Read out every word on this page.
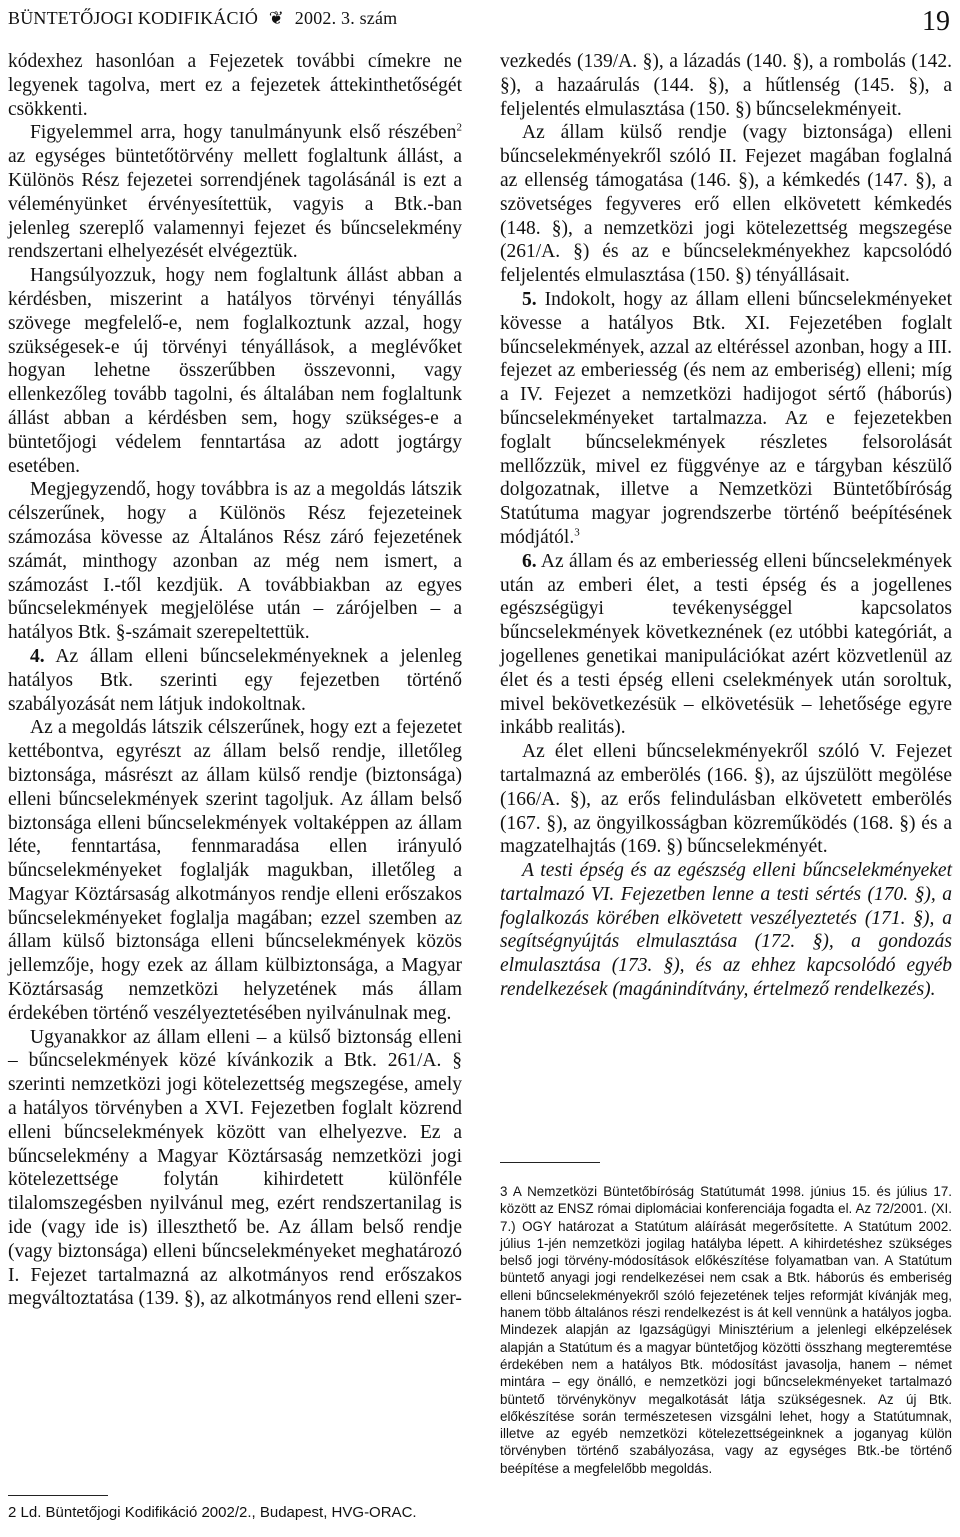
BÜNTETŐJOGI KODIFIKÁCIÓ ❦ 2002. 3. szám	19

kódexhez hasonlóan a Fejezetek további címekre ne legyenek tagolva, mert ez a fejezetek áttekinthetőségét csökkenti.

Figyelemmel arra, hogy tanulmányunk első részében$^2$ az egységes büntetőtörvény mellett foglaltunk állást, a Különös Rész fejezetei sorrendjének tagolásánál is ezt a véleményünket érvényesítettük, vagyis a Btk.-ban jelenleg szereplő valamennyi fejezet és bűncselekmény rendszertani elhelyezését elvégeztük.

Hangsúlyozzuk, hogy nem foglaltunk állást abban a kérdésben, miszerint a hatályos törvényi tényállás szövege megfelelő-e, nem foglalkoztunk azzal, hogy szükségesek-e új törvényi tényállások, a meglévőket hogyan lehetne összerűbben összevonni, vagy ellenkezőleg tovább tagolni, és általában nem foglaltunk állást abban a kérdésben sem, hogy szükséges-e a büntetőjogi védelem fenntartása az adott jogtárgy esetében.

Megjegyzendő, hogy továbbra is az a megoldás látszik célszerűnek, hogy a Különös Rész fejezeteinek számozása kövesse az Általános Rész záró fejezetének számát, minthogy azonban az még nem ismert, a számozást I.-től kezdjük. A továbbiakban az egyes bűncselekmények megjelölése után – zárójelben – a hatályos Btk. §-számait szerepeltettük.

4. Az állam elleni bűncselekményeknek a jelenleg hatályos Btk. szerinti egy fejezetben történő szabályozását nem látjuk indokoltnak.

Az a megoldás látszik célszerűnek, hogy ezt a fejezetet kettébontva, egyrészt az állam belső rendje, illetőleg biztonsága, másrészt az állam külső rendje (biztonsága) elleni bűncselekmények szerint tagoljuk. Az állam belső biztonsága elleni bűncselekmények voltaképpen az állam léte, fenntartása, fennmaradása ellen irányuló bűncselekményeket foglalják magukban, illetőleg a Magyar Köztársaság alkotmányos rendje elleni erőszakos bűncselekményeket foglalja magában; ezzel szemben az állam külső biztonsága elleni bűncselekmények közös jellemzője, hogy ezek az állam külbiztonsága, a Magyar Köztársaság nemzetközi helyzetének más állam érdekében történő veszélyeztetésében nyilvánulnak meg.

Ugyanakkor az állam elleni – a külső biztonság elleni – bűncselekmények közé kívánkozik a Btk. 261/A. § szerinti nemzetközi jogi kötelezettség megszegése, amely a hatályos törvényben a XVI. Fejezetben foglalt közrend elleni bűncselekmények között van elhelyezve. Ez a bűncselekmény a Magyar Köztársaság nemzetközi jogi kötelezettsége folytán kihirdetett különféle tilalomszegésben nyilvánul meg, ezért rendszertanilag is ide (vagy ide is) illeszthető be. Az állam belső rendje (vagy biztonsága) elleni bűncselekményeket meghatározó I. Fejezet tartalmazná az alkotmányos rend erőszakos megváltoztatása (139. §), az alkotmányos rend elleni szer-

2 Ld. Büntetőjogi Kodifikáció 2002/2., Budapest, HVG-ORAC.

vezkedés (139/A. §), a lázadás (140. §), a rombolás (142. §), a hazaárulás (144. §), a hűtlenség (145. §), a feljelentés elmulasztása (150. §) bűncselekményeit.

Az állam külső rendje (vagy biztonsága) elleni bűncselekményekről szóló II. Fejezet magában foglalná az ellenség támogatása (146. §), a kémkedés (147. §), a szövetséges fegyveres erő ellen elkövetett kémkedés (148. §), a nemzetközi jogi kötelezettség megszegése (261/A. §) és az e bűncselekményekhez kapcsolódó feljelentés elmulasztása (150. §) tényállásait.

5. Indokolt, hogy az állam elleni bűncselekményeket kövesse a hatályos Btk. XI. Fejezetében foglalt bűncselekmények, azzal az eltéréssel azonban, hogy a III. fejezet az emberiesség (és nem az emberiség) elleni; míg a IV. Fejezet a nemzetközi hadijogot sértő (háborús) bűncselekményeket tartalmazza. Az e fejezetekben foglalt bűncselekmények részletes felsorolását mellőzzük, mivel ez függvénye az e tárgyban készülő dolgozatnak, illetve a Nemzetközi Büntetőbíróság Statútuma magyar jogrendszerbe történő beépítésének módjától.$^3$

6. Az állam és az emberiesség elleni bűncselekmények után az emberi élet, a testi épség és a jogellenes egészségügyi tevékenységgel kapcsolatos bűncselekmények következnének (ez utóbbi kategóriát, a jogellenes genetikai manipulációkat azért közvetlenül az élet és a testi épség elleni cselekmények után soroltuk, mivel bekövetkezésük – elkövetésük – lehetősége egyre inkább realitás).

Az élet elleni bűncselekményekről szóló V. Fejezet tartalmazná az emberölés (166. §), az újszülött megölése (166/A. §), az erős felindulásban elkövetett emberölés (167. §), az öngyilkosságban közreműködés (168. §) és a magzatelhajtás (169. §) bűncselekményét.

A testi épség és az egészség elleni bűncselekményeket tartalmazó VI. Fejezetben lenne a testi sértés (170. §), a foglalkozás körében elkövetett veszélyeztetés (171. §), a segítségnyújtás elmulasztása (172. §), a gondozás elmulasztása (173. §), és az ehhez kapcsolódó egyéb rendelkezések (magánindítvány, értelmező rendelkezés).

3 A Nemzetközi Büntetőbíróság Statútumát 1998. június 15. és július 17. között az ENSZ római diplomáciai konferenciája fogadta el. Az 72/2001. (XI. 7.) OGY határozat a Statútum aláírását megerősítette. A Statútum 2002. július 1-jén nemzetközi jogilag hatályba lépett. A kihirdetéshez szükséges belső jogi törvény-módosítások előkészítése folyamatban van. A Statútum büntető anyagi jogi rendelkezései nem csak a Btk. háborús és emberiség elleni bűncselekményekről szóló fejezetének teljes reformját kívánják meg, hanem több általános részi rendelkezést is át kell vennünk a hatályos jogba. Mindezek alapján az Igazságügyi Minisztérium a jelenlegi elképzelések alapján a Statútum és a magyar büntetőjog közötti összhang megteremtése érdekében nem a hatályos Btk. módosítást javasolja, hanem – német mintára – egy önálló, e nemzetközi jogi bűncselekményeket tartalmazó büntető törvénykönyv megalkotását látja szükségesnek. Az új Btk. előkészítése során természetesen vizsgálni lehet, hogy a Statútumnak, illetve az egyéb nemzetközi kötelezettségeinknek a joganyag külön törvényben történő szabályozása, vagy az egységes Btk.-be történő beépítése a megfelelőbb megoldás.
